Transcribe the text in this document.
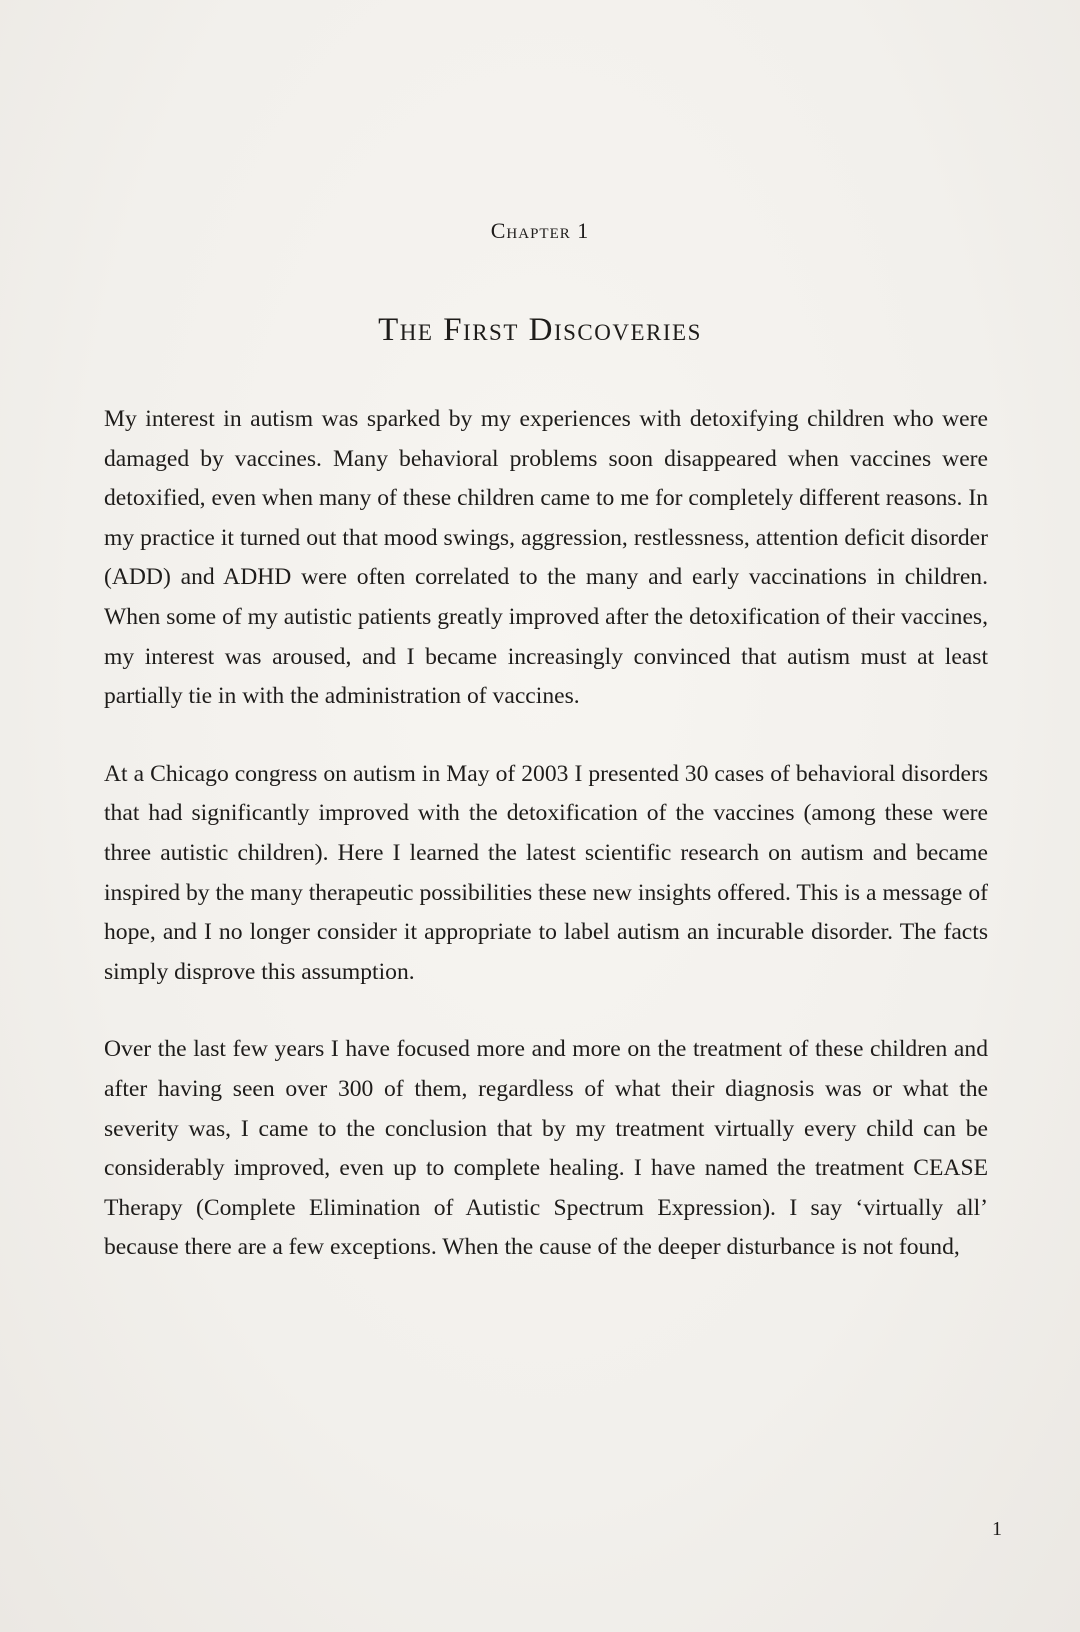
Chapter 1
The First Discoveries

My interest in autism was sparked by my experiences with detoxifying children who were damaged by vaccines. Many behavioral problems soon disappeared when vaccines were detoxified, even when many of these children came to me for completely different reasons. In my practice it turned out that mood swings, aggression, restlessness, attention deficit disorder (ADD) and ADHD were often correlated to the many and early vaccinations in children. When some of my autistic patients greatly improved after the detoxification of their vaccines, my interest was aroused, and I became increasingly convinced that autism must at least partially tie in with the administration of vaccines.

At a Chicago congress on autism in May of 2003 I presented 30 cases of behavioral disorders that had significantly improved with the detoxification of the vaccines (among these were three autistic children). Here I learned the latest scientific research on autism and became inspired by the many therapeutic possibilities these new insights offered. This is a message of hope, and I no longer consider it appropriate to label autism an incurable disorder. The facts simply disprove this assumption.

Over the last few years I have focused more and more on the treatment of these children and after having seen over 300 of them, regardless of what their diagnosis was or what the severity was, I came to the conclusion that by my treatment virtually every child can be considerably improved, even up to complete healing. I have named the treatment CEASE Therapy (Complete Elimination of Autistic Spectrum Expression). I say ‘virtually all’ because there are a few exceptions. When the cause of the deeper disturbance is not found,

1
